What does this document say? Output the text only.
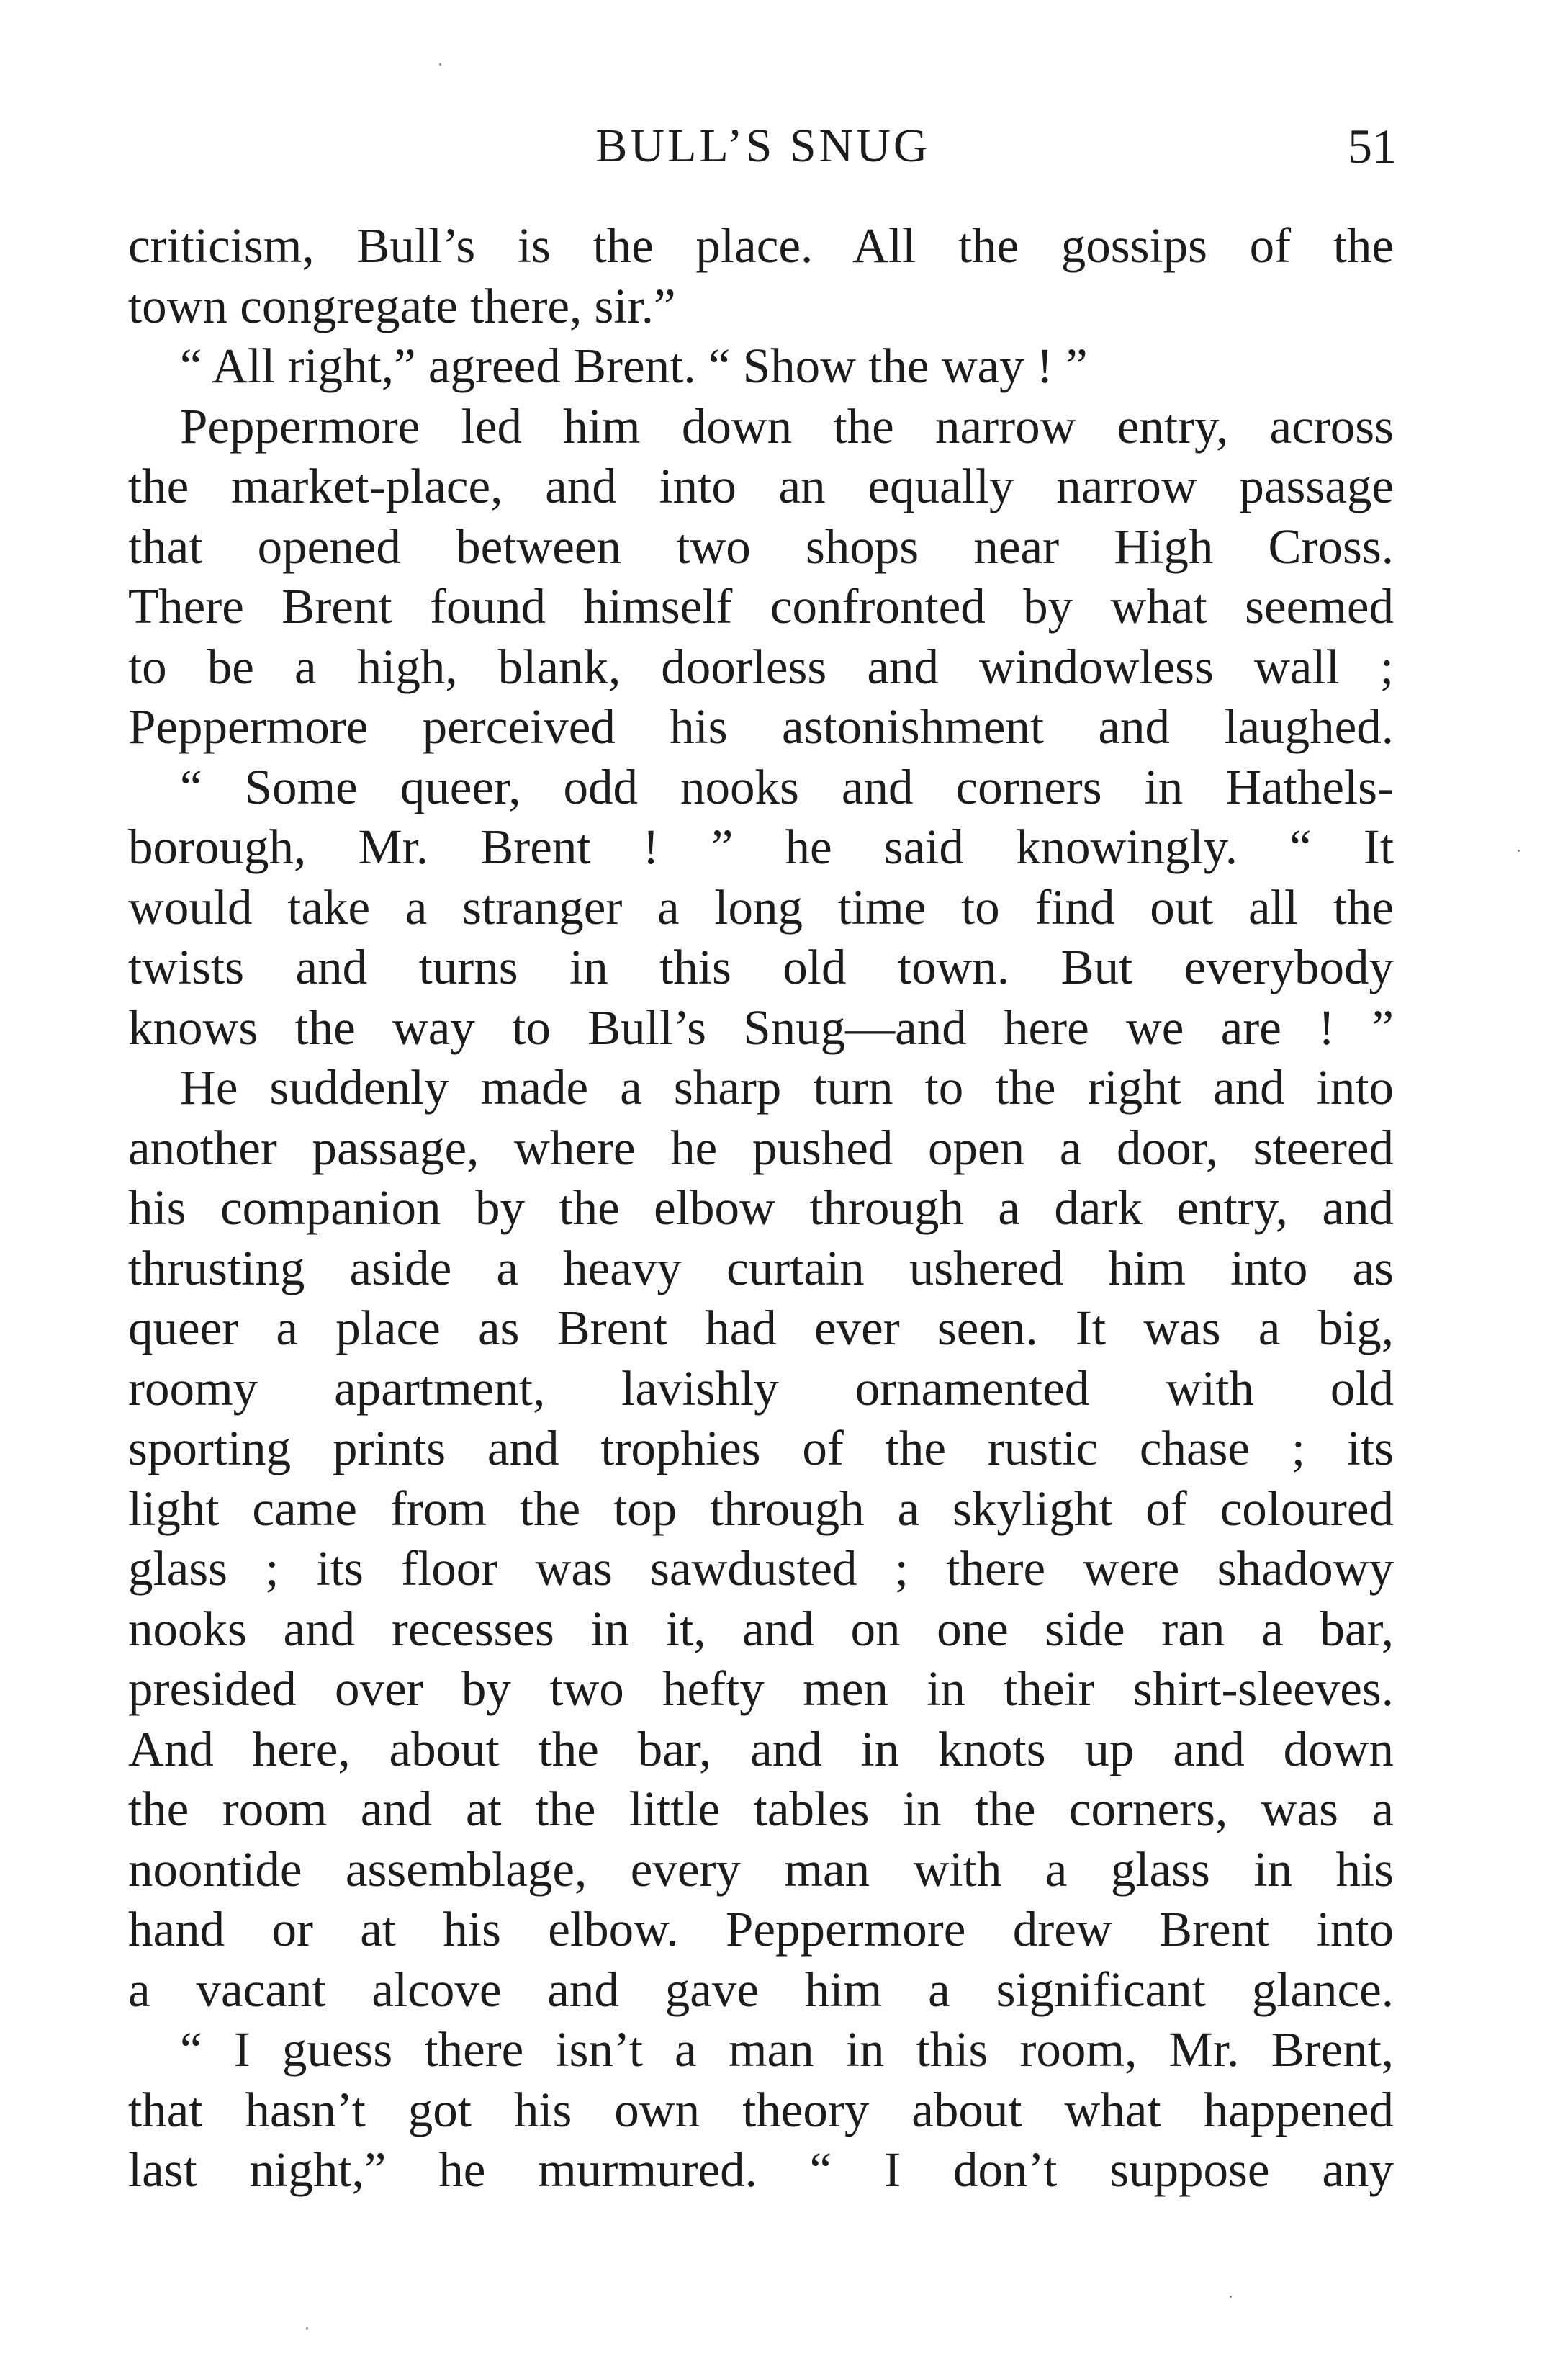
BULL’S SNUG	51
criticism, Bull’s is the place. All the gossips of the
town congregate there, sir.”
“ All right,” agreed Brent. “ Show the way ! ”
Peppermore led him down the narrow entry, across
the market-place, and into an equally narrow passage
that opened between two shops near High Cross.
There Brent found himself confronted by what seemed
to be a high, blank, doorless and windowless wall ;
Peppermore perceived his astonishment and laughed.
“ Some queer, odd nooks and corners in Hathels-
borough, Mr. Brent ! ” he said knowingly. “ It
would take a stranger a long time to find out all the
twists and turns in this old town. But everybody
knows the way to Bull’s Snug—and here we are ! ”
He suddenly made a sharp turn to the right and into
another passage, where he pushed open a door, steered
his companion by the elbow through a dark entry, and
thrusting aside a heavy curtain ushered him into as
queer a place as Brent had ever seen. It was a big,
roomy apartment, lavishly ornamented with old
sporting prints and trophies of the rustic chase ; its
light came from the top through a skylight of coloured
glass ; its floor was sawdusted ; there were shadowy
nooks and recesses in it, and on one side ran a bar,
presided over by two hefty men in their shirt-sleeves.
And here, about the bar, and in knots up and down
the room and at the little tables in the corners, was a
noontide assemblage, every man with a glass in his
hand or at his elbow. Peppermore drew Brent into
a vacant alcove and gave him a significant glance.
“ I guess there isn’t a man in this room, Mr. Brent,
that hasn’t got his own theory about what happened
last night,” he murmured. “ I don’t suppose any
